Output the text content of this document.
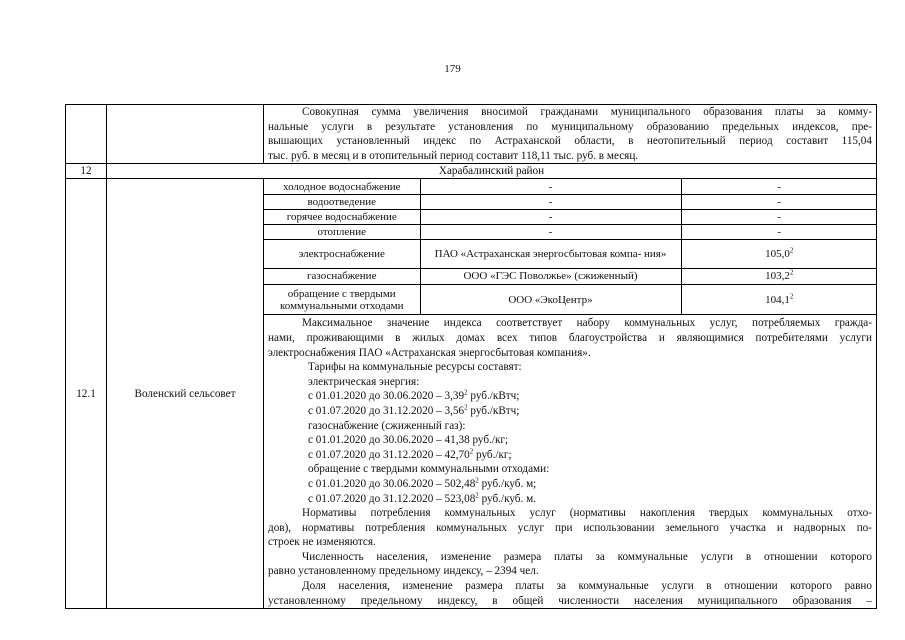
179

Совокупная сумма увеличения вносимой гражданами муниципального образования платы за комму-
нальные услуги в результате установления по муниципальному образованию предельных индексов, пре-
вышающих установленный индекс по Астраханской области, в неотопительный период составит 115,04
тыс. руб. в месяц и в отопительный период составит 118,11 тыс. руб. в месяц.

12	Харабалинский район
12.1	Воленский сельсовет	
холодное водоснабжение	-	-
водоотведение	-	-
горячее водоснабжение	-	-
отопление	-	-
электроснабжение	ПАО «Астраханская энергосбытовая компа- ния»	105,0$^2$
газоснабжение	ООО «ГЭС Поволжье» (сжиженный)	103,2$^2$
обращение с твердыми коммунальными отходами	ООО «ЭкоЦентр»	104,1$^2$

Максимальное значение индекса соответствует набору коммунальных услуг, потребляемых гражда-
нами, проживающими в жилых домах всех типов благоустройства и являющимися потребителями услуги
электроснабжения ПАО «Астраханская энергосбытовая компания».
Тарифы на коммунальные ресурсы составят:
электрическая энергия:
с 01.01.2020 до 30.06.2020 – 3,39$^2$ руб./кВтч;
с 01.07.2020 до 31.12.2020 – 3,56$^2$ руб./кВтч;
газоснабжение (сжиженный газ):
с 01.01.2020 до 30.06.2020 – 41,38 руб./кг;
с 01.07.2020 до 31.12.2020 – 42,70$^2$ руб./кг;
обращение с твердыми коммунальными отходами:
с 01.01.2020 до 30.06.2020 – 502,48$^2$ руб./куб. м;
с 01.07.2020 до 31.12.2020 – 523,08$^2$ руб./куб. м.
Нормативы потребления коммунальных услуг (нормативы накопления твердых коммунальных отхо-
дов), нормативы потребления коммунальных услуг при использовании земельного участка и надворных по-
строек не изменяются.
Численность населения, изменение размера платы за коммунальные услуги в отношении которого
равно установленному предельному индексу, – 2394 чел.
Доля населения, изменение размера платы за коммунальные услуги в отношении которого равно
установленному предельному индексу, в общей численности населения муниципального образования –
